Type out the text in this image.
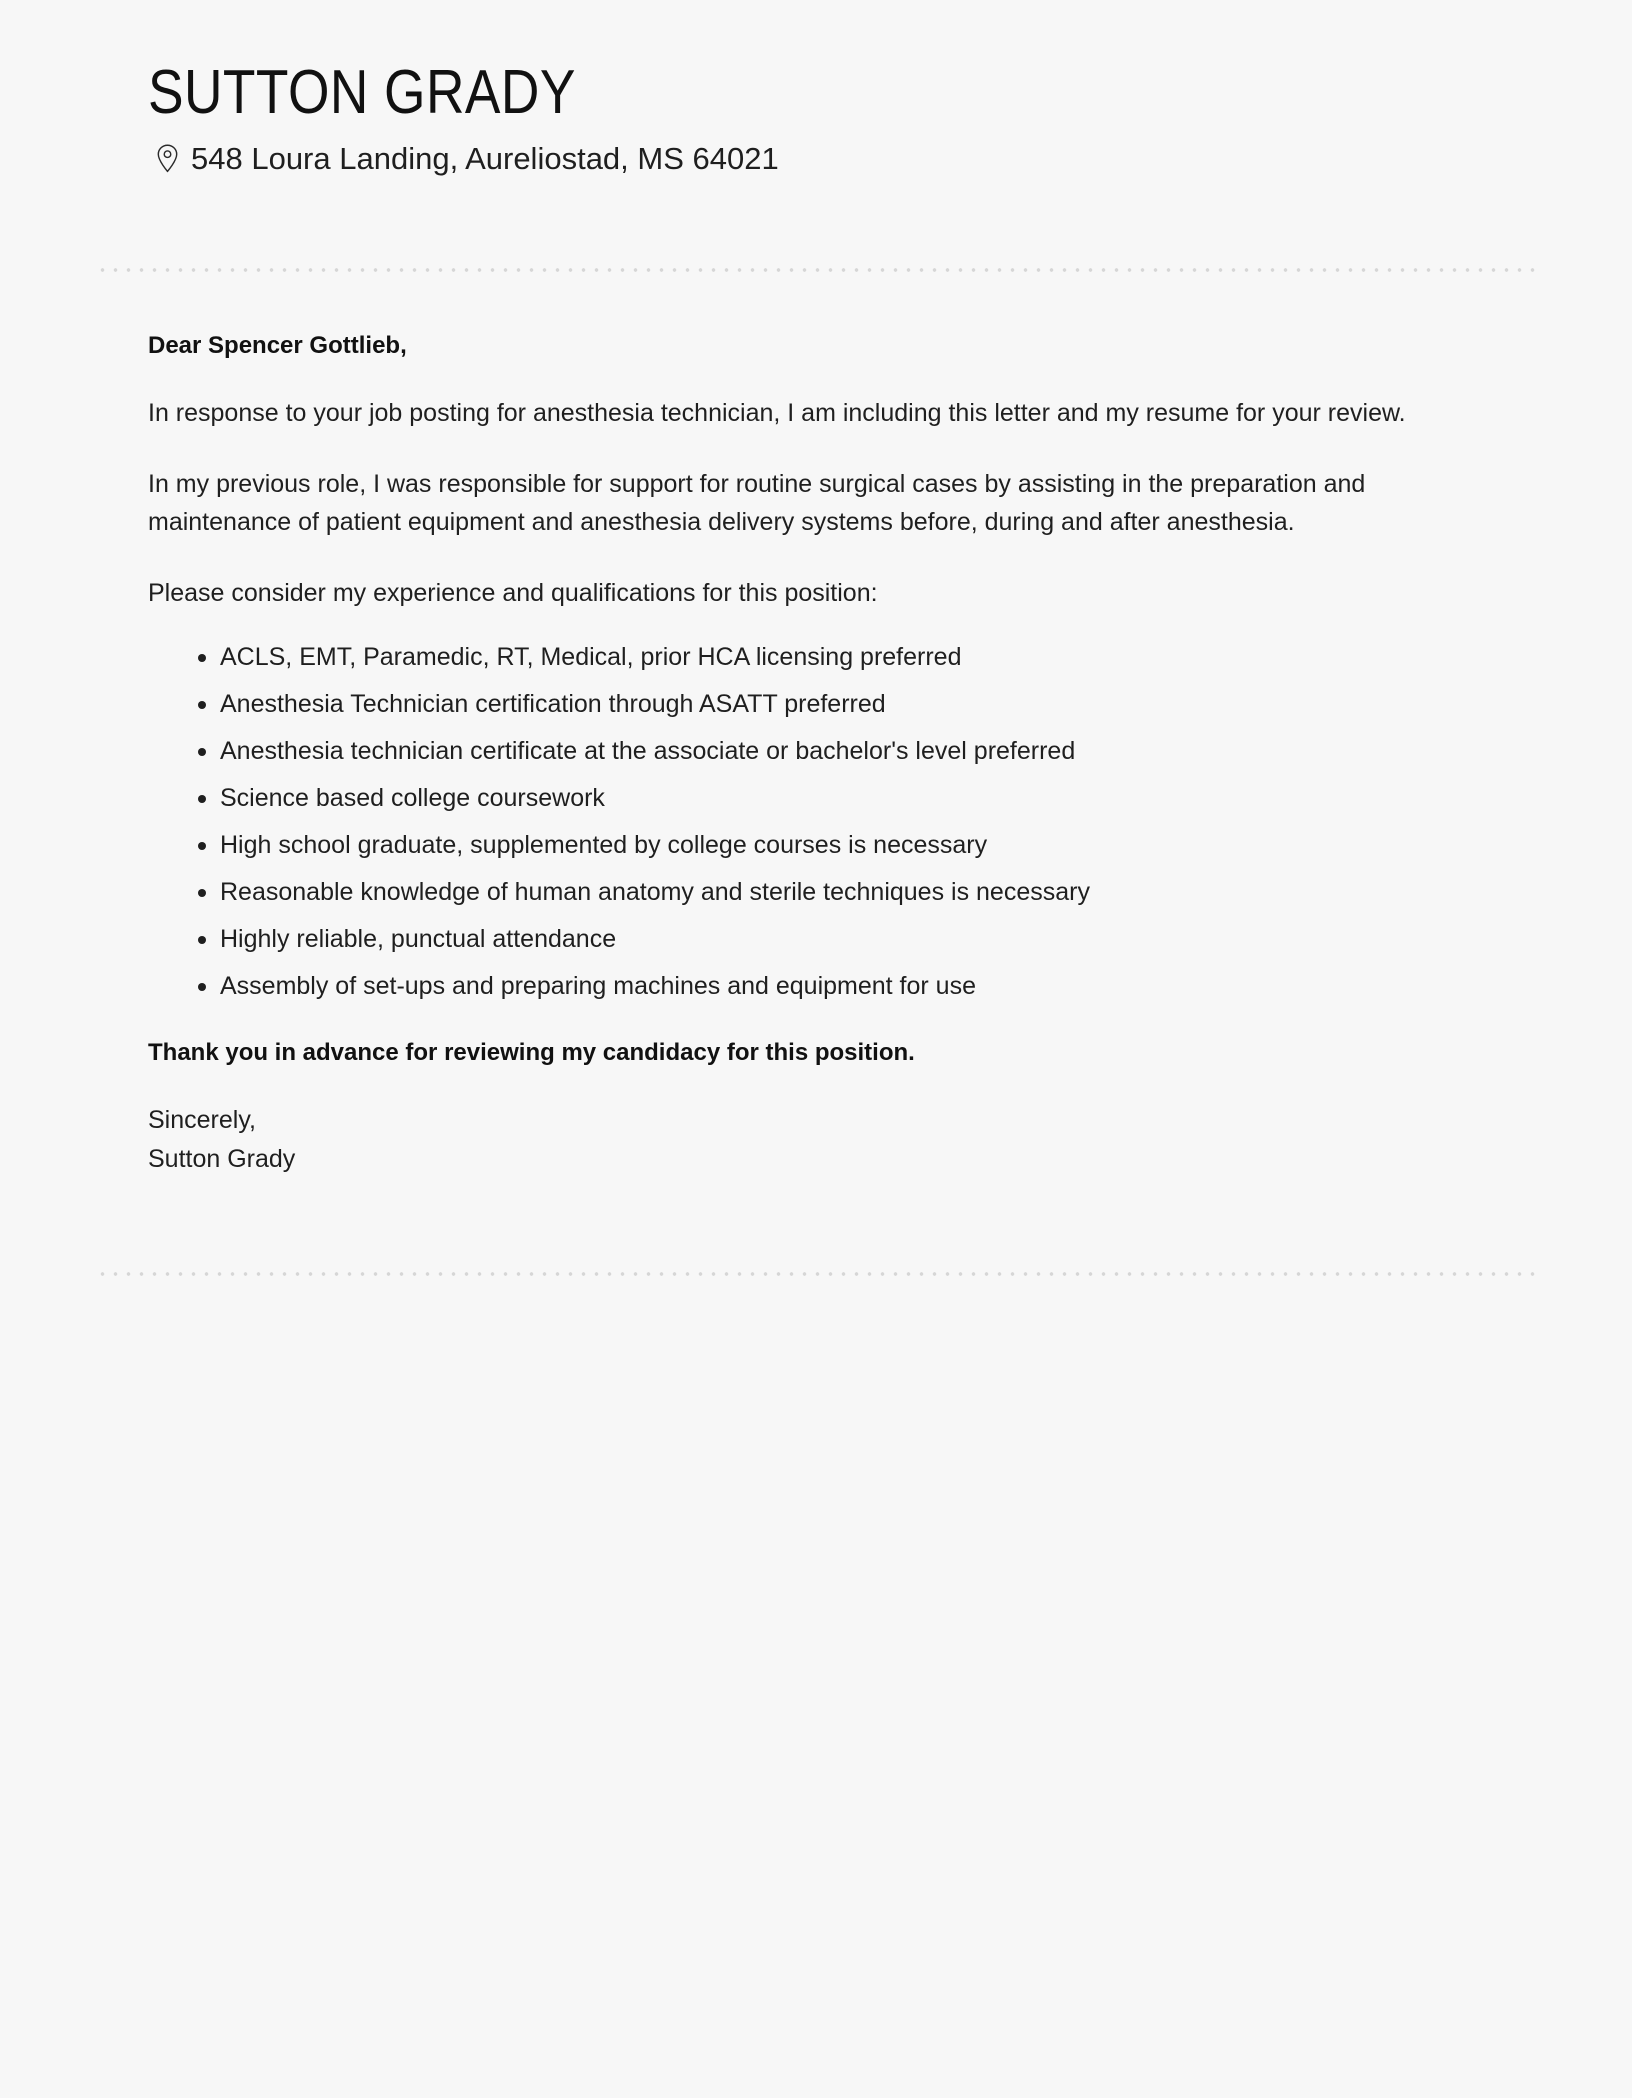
SUTTON GRADY
548 Loura Landing, Aureliostad, MS 64021

Dear Spencer Gottlieb,

In response to your job posting for anesthesia technician, I am including this letter and my resume for your review.

In my previous role, I was responsible for support for routine surgical cases by assisting in the preparation and maintenance of patient equipment and anesthesia delivery systems before, during and after anesthesia.

Please consider my experience and qualifications for this position:

ACLS, EMT, Paramedic, RT, Medical, prior HCA licensing preferred
Anesthesia Technician certification through ASATT preferred
Anesthesia technician certificate at the associate or bachelor's level preferred
Science based college coursework
High school graduate, supplemented by college courses is necessary
Reasonable knowledge of human anatomy and sterile techniques is necessary
Highly reliable, punctual attendance
Assembly of set-ups and preparing machines and equipment for use

Thank you in advance for reviewing my candidacy for this position.

Sincerely,
Sutton Grady
